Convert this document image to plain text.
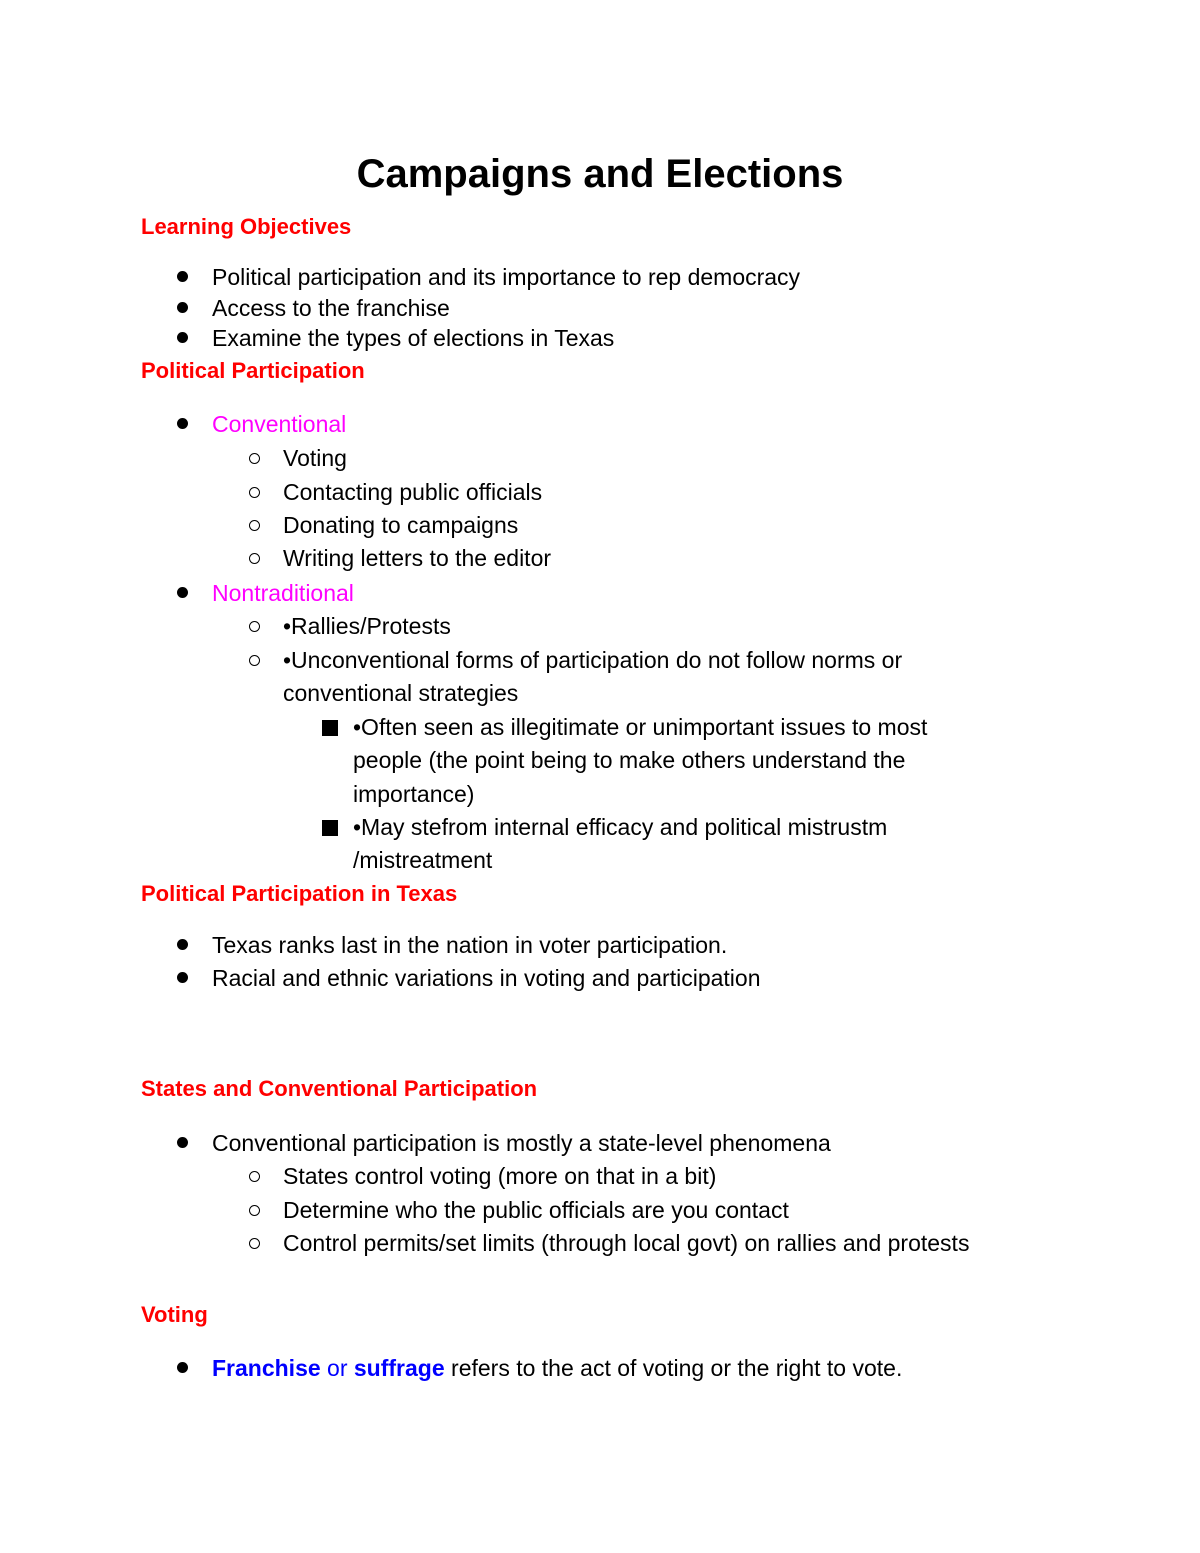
Campaigns and Elections
Learning Objectives
Political participation and its importance to rep democracy
Access to the franchise
Examine the types of elections in Texas
Political Participation
Conventional
Voting
Contacting public officials
Donating to campaigns
Writing letters to the editor
Nontraditional
•Rallies/Protests
•Unconventional forms of participation do not follow norms or
conventional strategies
•Often seen as illegitimate or unimportant issues to most
people (the point being to make others understand the
importance)
•May stefrom internal efficacy and political mistrustm
/mistreatment
Political Participation in Texas
Texas ranks last in the nation in voter participation.
Racial and ethnic variations in voting and participation
States and Conventional Participation
Conventional participation is mostly a state-level phenomena
States control voting (more on that in a bit)
Determine who the public officials are you contact
Control permits/set limits (through local govt) on rallies and protests
Voting
Franchise or suffrage refers to the act of voting or the right to vote.
